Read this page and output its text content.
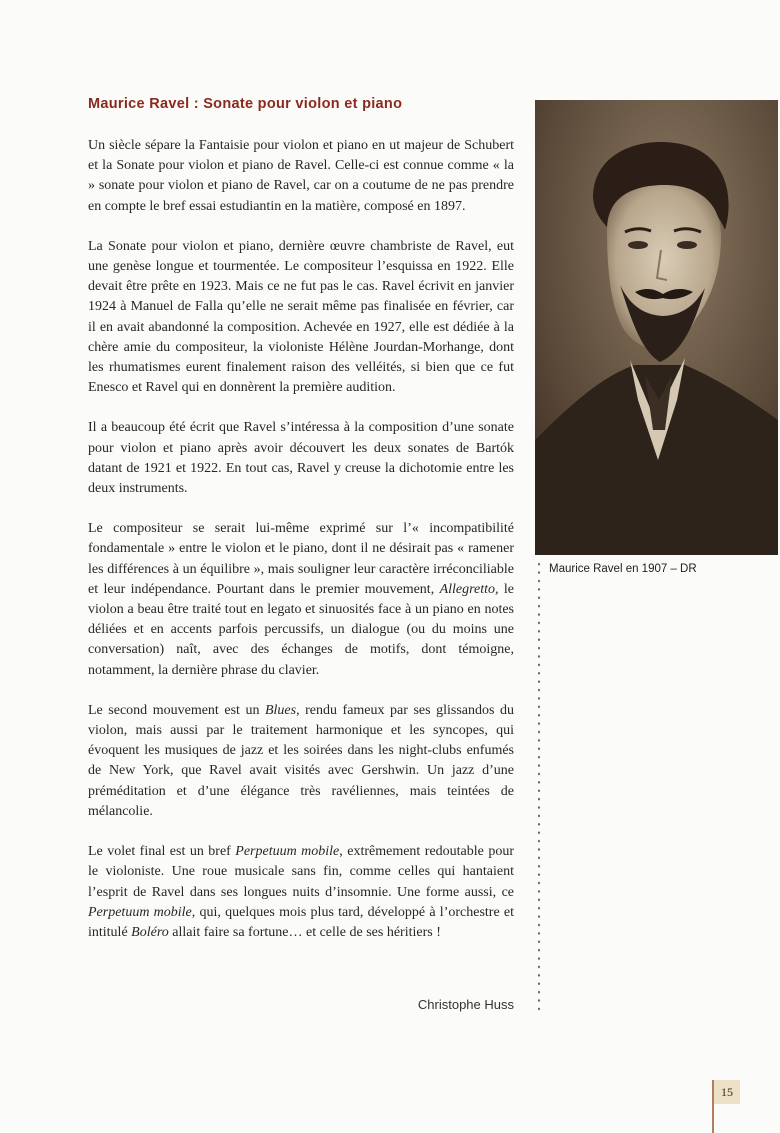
Maurice Ravel : Sonate pour violon et piano

Un siècle sépare la Fantaisie pour violon et piano en ut majeur de Schubert et la Sonate pour violon et piano de Ravel. Celle-ci est connue comme « la » sonate pour violon et piano de Ravel, car on a coutume de ne pas prendre en compte le bref essai estudiantin en la matière, composé en 1897.

La Sonate pour violon et piano, dernière œuvre chambriste de Ravel, eut une genèse longue et tourmentée. Le compositeur l’esquissa en 1922. Elle devait être prête en 1923. Mais ce ne fut pas le cas. Ravel écrivit en janvier 1924 à Manuel de Falla qu’elle ne serait même pas finalisée en février, car il en avait abandonné la composition. Achevée en 1927, elle est dédiée à la chère amie du compositeur, la violoniste Hélène Jourdan-Morhange, dont les rhumatismes eurent finalement raison des velléités, si bien que ce fut Enesco et Ravel qui en donnèrent la première audition.

Il a beaucoup été écrit que Ravel s’intéressa à la composition d’une sonate pour violon et piano après avoir découvert les deux sonates de Bartók datant de 1921 et 1922. En tout cas, Ravel y creuse la dichotomie entre les deux instruments.

Le compositeur se serait lui-même exprimé sur l’« incompatibilité fondamentale » entre le violon et le piano, dont il ne désirait pas « ramener les différences à un équilibre », mais souligner leur caractère irréconciliable et leur indépendance. Pourtant dans le premier mouvement, Allegretto, le violon a beau être traité tout en legato et sinuosités face à un piano en notes déliées et en accents parfois percussifs, un dialogue (ou du moins une conversation) naît, avec des échanges de motifs, dont témoigne, notamment, la dernière phrase du clavier.

Le second mouvement est un Blues, rendu fameux par ses glissandos du violon, mais aussi par le traitement harmonique et les syncopes, qui évoquent les musiques de jazz et les soirées dans les night-clubs enfumés de New York, que Ravel avait visités avec Gershwin. Un jazz d’une préméditation et d’une élégance très ravéliennes, mais teintées de mélancolie.

Le volet final est un bref Perpetuum mobile, extrêmement redoutable pour le violoniste. Une roue musicale sans fin, comme celles qui hantaient l’esprit de Ravel dans ses longues nuits d’insomnie. Une forme aussi, ce Perpetuum mobile, qui, quelques mois plus tard, développé à l’orchestre et intitulé Boléro allait faire sa fortune… et celle de ses héritiers !

Christophe Huss
Maurice Ravel en 1907 – DR
15
